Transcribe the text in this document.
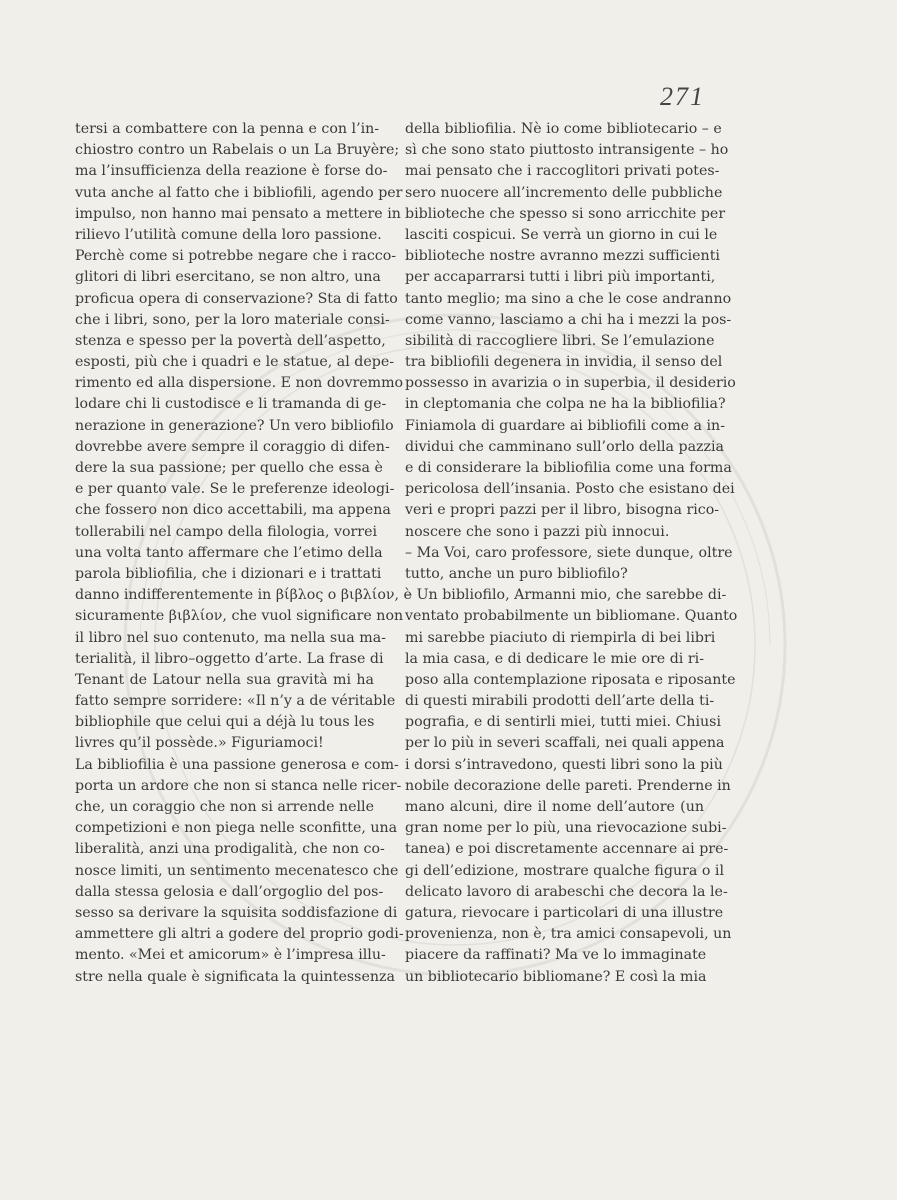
271
tersi a combattere con la penna e con l’in-
chiostro contro un Rabelais o un La Bruyère;
ma l’insufficienza della reazione è forse do-
vuta anche al fatto che i bibliofili, agendo per
impulso, non hanno mai pensato a mettere in
rilievo l’utilità comune della loro passione.
Perchè come si potrebbe negare che i racco-
glitori di libri esercitano, se non altro, una
proficua opera di conservazione? Sta di fatto
che i libri, sono, per la loro materiale consi-
stenza e spesso per la povertà dell’aspetto,
esposti, più che i quadri e le statue, al depe-
rimento ed alla dispersione. E non dovremmo
lodare chi li custodisce e li tramanda di ge-
nerazione in generazione? Un vero bibliofilo
dovrebbe avere sempre il coraggio di difen-
dere la sua passione; per quello che essa è
e per quanto vale. Se le preferenze ideologi-
che fossero non dico accettabili, ma appena
tollerabili nel campo della filologia, vorrei
una volta tanto affermare che l’etimo della
parola bibliofilia, che i dizionari e i trattati
danno indifferentemente in βίβλος o βιβλίον, è
sicuramente βιβλίον, che vuol significare non
il libro nel suo contenuto, ma nella sua ma-
terialità, il libro–oggetto d’arte. La frase di
Tenant de Latour nella sua gravità mi ha
fatto sempre sorridere: «Il n’y a de véritable
bibliophile que celui qui a déjà lu tous les
livres qu’il possède.» Figuriamoci!
La bibliofilia è una passione generosa e com-
porta un ardore che non si stanca nelle ricer-
che, un coraggio che non si arrende nelle
competizioni e non piega nelle sconfitte, una
liberalità, anzi una prodigalità, che non co-
nosce limiti, un sentimento mecenatesco che
dalla stessa gelosia e dall’orgoglio del pos-
sesso sa derivare la squisita soddisfazione di
ammettere gli altri a godere del proprio godi-
mento. «Mei et amicorum» è l’impresa illu-
stre nella quale è significata la quintessenza
della bibliofilia. Nè io come bibliotecario – e
sì che sono stato piuttosto intransigente – ho
mai pensato che i raccoglitori privati potes-
sero nuocere all’incremento delle pubbliche
biblioteche che spesso si sono arricchite per
lasciti cospicui. Se verrà un giorno in cui le
biblioteche nostre avranno mezzi sufficienti
per accaparrarsi tutti i libri più importanti,
tanto meglio; ma sino a che le cose andranno
come vanno, lasciamo a chi ha i mezzi la pos-
sibilità di raccogliere libri. Se l’emulazione
tra bibliofili degenera in invidia, il senso del
possesso in avarizia o in superbia, il desiderio
in cleptomania che colpa ne ha la bibliofilia?
Finiamola di guardare ai bibliofili come a in-
dividui che camminano sull’orlo della pazzia
e di considerare la bibliofilia come una forma
pericolosa dell’insania. Posto che esistano dei
veri e propri pazzi per il libro, bisogna rico-
noscere che sono i pazzi più innocui.
– Ma Voi, caro professore, siete dunque, oltre
tutto, anche un puro bibliofilo?
– Un bibliofilo, Armanni mio, che sarebbe di-
ventato probabilmente un bibliomane. Quanto
mi sarebbe piaciuto di riempirla di bei libri
la mia casa, e di dedicare le mie ore di ri-
poso alla contemplazione riposata e riposante
di questi mirabili prodotti dell’arte della ti-
pografia, e di sentirli miei, tutti miei. Chiusi
per lo più in severi scaffali, nei quali appena
i dorsi s’intravedono, questi libri sono la più
nobile decorazione delle pareti. Prenderne in
mano alcuni, dire il nome dell’autore (un
gran nome per lo più, una rievocazione subi-
tanea) e poi discretamente accennare ai pre-
gi dell’edizione, mostrare qualche figura o il
delicato lavoro di arabeschi che decora la le-
gatura, rievocare i particolari di una illustre
provenienza, non è, tra amici consapevoli, un
piacere da raffinati? Ma ve lo immaginate
un bibliotecario bibliomane? E così la mia
